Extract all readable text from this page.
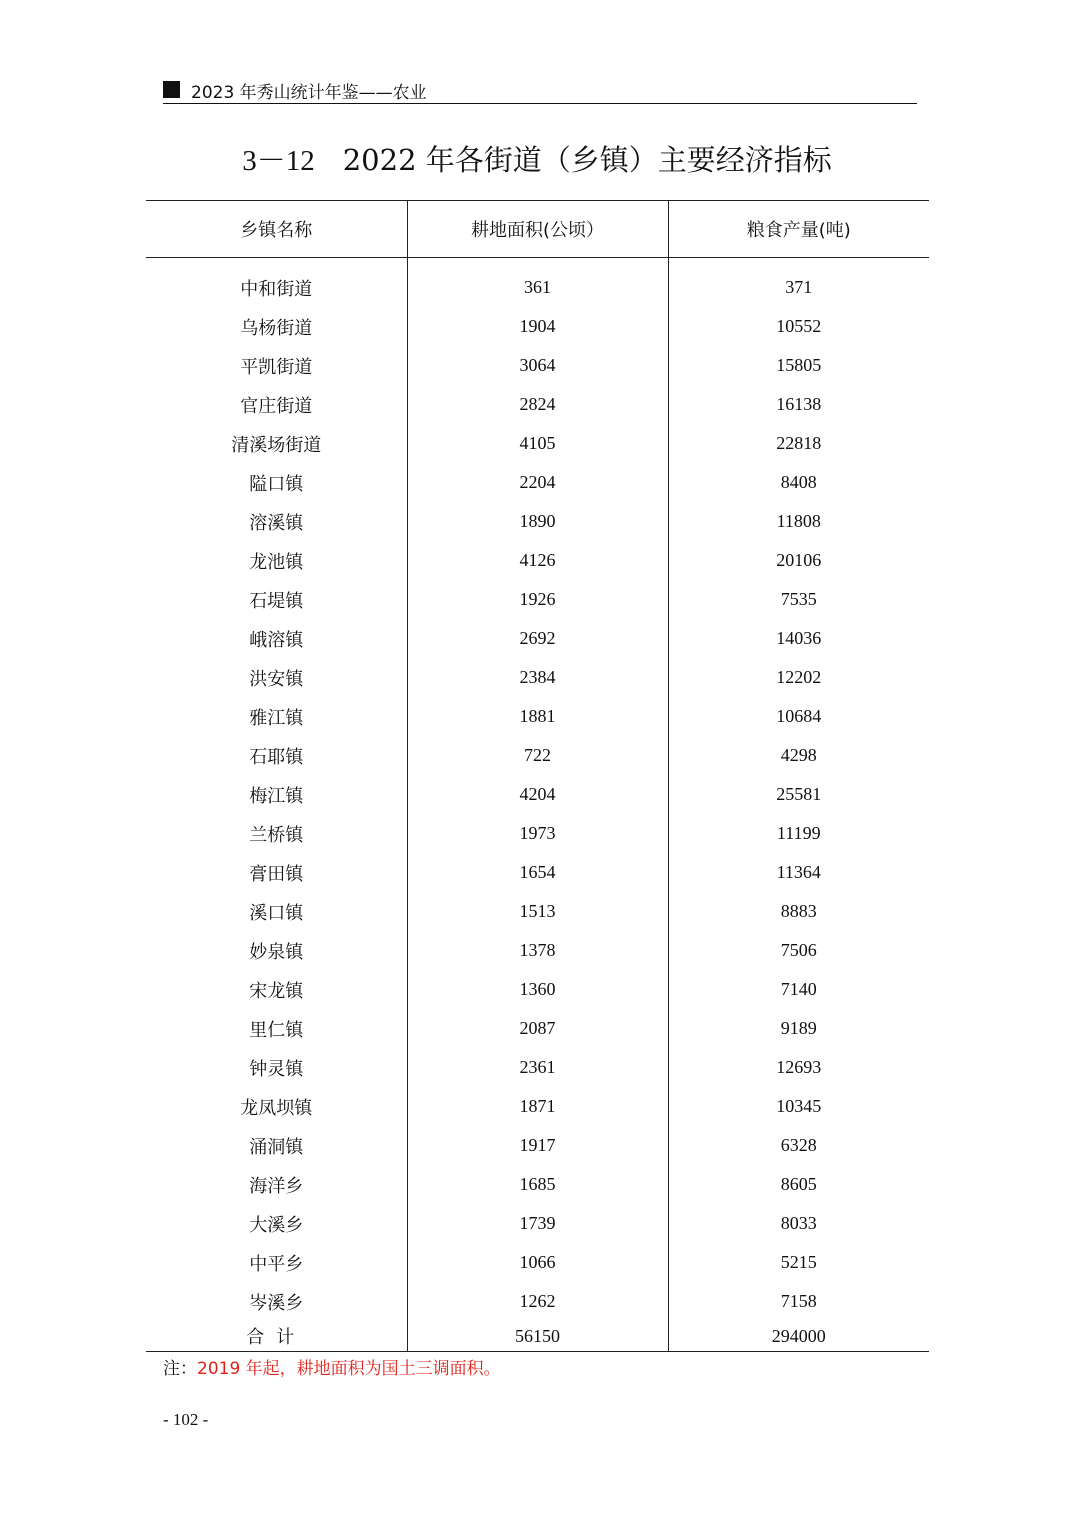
2023 年秀山统计年鉴——农业
3－12 2022 年各街道（乡镇）主要经济指标
乡镇名称	耕地面积(公顷）	粮食产量(吨)
中和街道	361	371
乌杨街道	1904	10552
平凯街道	3064	15805
官庄街道	2824	16138
清溪场街道	4105	22818
隘口镇	2204	8408
溶溪镇	1890	11808
龙池镇	4126	20106
石堤镇	1926	7535
峨溶镇	2692	14036
洪安镇	2384	12202
雅江镇	1881	10684
石耶镇	722	4298
梅江镇	4204	25581
兰桥镇	1973	11199
膏田镇	1654	11364
溪口镇	1513	8883
妙泉镇	1378	7506
宋龙镇	1360	7140
里仁镇	2087	9189
钟灵镇	2361	12693
龙凤坝镇	1871	10345
涌洞镇	1917	6328
海洋乡	1685	8605
大溪乡	1739	8033
中平乡	1066	5215
岑溪乡	1262	7158
合计	56150	294000
注：2019 年起，耕地面积为国土三调面积。
- 102 -
